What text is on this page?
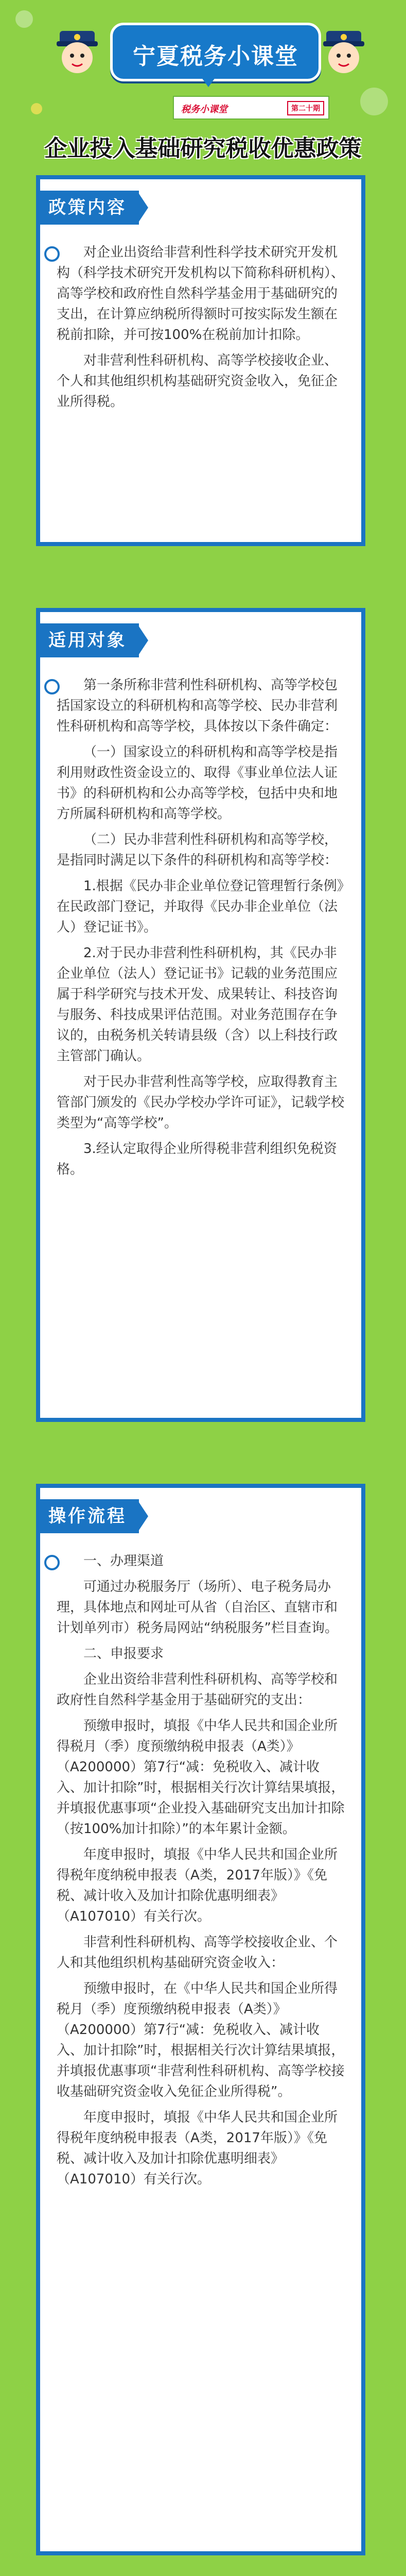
宁夏税务小课堂
税务小课堂	第二十期
企业投入基础研究税收优惠政策
政策内容

对企业出资给非营利性科学技术研究开发机构（科学技术研究开发机构以下简称科研机构）、高等学校和政府性自然科学基金用于基础研究的支出，在计算应纳税所得额时可按实际发生额在税前扣除，并可按100%在税前加计扣除。

对非营利性科研机构、高等学校接收企业、个人和其他组织机构基础研究资金收入，免征企业所得税。

适用对象

第一条所称非营利性科研机构、高等学校包括国家设立的科研机构和高等学校、民办非营利性科研机构和高等学校，具体按以下条件确定：

（一）国家设立的科研机构和高等学校是指利用财政性资金设立的、取得《事业单位法人证书》的科研机构和公办高等学校，包括中央和地方所属科研机构和高等学校。

（二）民办非营利性科研机构和高等学校，是指同时满足以下条件的科研机构和高等学校：

1.根据《民办非企业单位登记管理暂行条例》在民政部门登记，并取得《民办非企业单位（法人）登记证书》。

2.对于民办非营利性科研机构，其《民办非企业单位（法人）登记证书》记载的业务范围应属于科学研究与技术开发、成果转让、科技咨询与服务、科技成果评估范围。对业务范围存在争议的，由税务机关转请县级（含）以上科技行政主管部门确认。

对于民办非营利性高等学校，应取得教育主管部门颁发的《民办学校办学许可证》，记载学校类型为“高等学校”。

3.经认定取得企业所得税非营利组织免税资格。

操作流程

一、办理渠道

可通过办税服务厅（场所）、电子税务局办理，具体地点和网址可从省（自治区、直辖市和计划单列市）税务局网站“纳税服务”栏目查询。

二、申报要求

企业出资给非营利性科研机构、高等学校和政府性自然科学基金用于基础研究的支出：

预缴申报时，填报《中华人民共和国企业所得税月（季）度预缴纳税申报表（A类）》（A200000）第7行“减：免税收入、减计收入、加计扣除”时，根据相关行次计算结果填报，并填报优惠事项“企业投入基础研究支出加计扣除（按100%加计扣除）”的本年累计金额。

年度申报时，填报《中华人民共和国企业所得税年度纳税申报表（A类，2017年版）》《免税、减计收入及加计扣除优惠明细表》（A107010）有关行次。

非营利性科研机构、高等学校接收企业、个人和其他组织机构基础研究资金收入：

预缴申报时，在《中华人民共和国企业所得税月（季）度预缴纳税申报表（A类）》（A200000）第7行“减：免税收入、减计收入、加计扣除”时，根据相关行次计算结果填报，并填报优惠事项“非营利性科研机构、高等学校接收基础研究资金收入免征企业所得税”。

年度申报时，填报《中华人民共和国企业所得税年度纳税申报表（A类，2017年版）》《免税、减计收入及加计扣除优惠明细表》（A107010）有关行次。
